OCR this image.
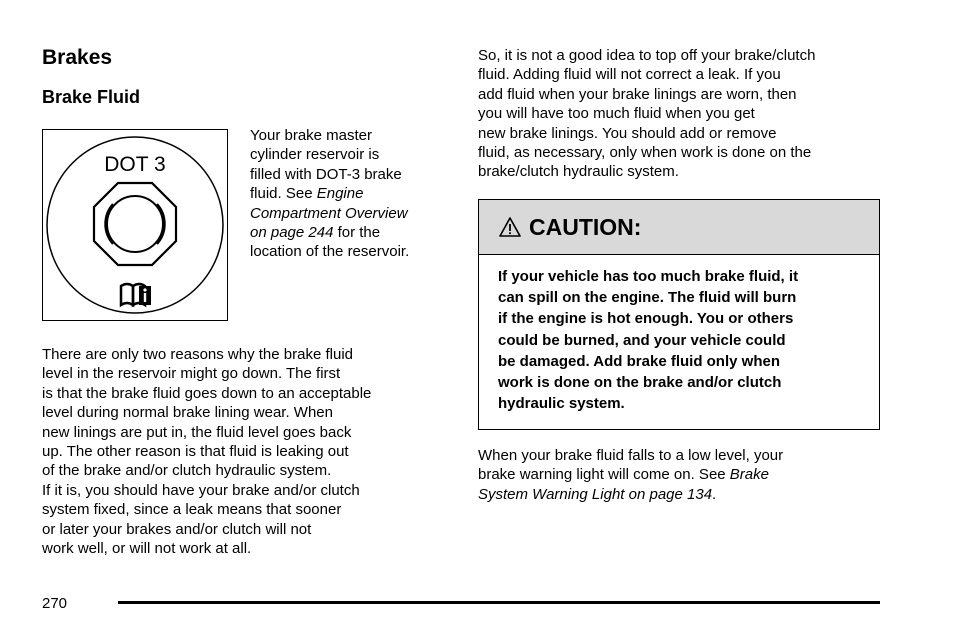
Brakes
Brake Fluid
DOT 3
Your brake master
cylinder reservoir is
filled with DOT-3 brake
fluid. See Engine
Compartment Overview
on page 244 for the
location of the reservoir.
There are only two reasons why the brake fluid
level in the reservoir might go down. The first
is that the brake fluid goes down to an acceptable
level during normal brake lining wear. When
new linings are put in, the fluid level goes back
up. The other reason is that fluid is leaking out
of the brake and/or clutch hydraulic system.
If it is, you should have your brake and/or clutch
system fixed, since a leak means that sooner
or later your brakes and/or clutch will not
work well, or will not work at all.
So, it is not a good idea to top off your brake/clutch
fluid. Adding fluid will not correct a leak. If you
add fluid when your brake linings are worn, then
you will have too much fluid when you get
new brake linings. You should add or remove
fluid, as necessary, only when work is done on the
brake/clutch hydraulic system.
CAUTION:
If your vehicle has too much brake fluid, it
can spill on the engine. The fluid will burn
if the engine is hot enough. You or others
could be burned, and your vehicle could
be damaged. Add brake fluid only when
work is done on the brake and/or clutch
hydraulic system.
When your brake fluid falls to a low level, your
brake warning light will come on. See Brake
System Warning Light on page 134.
270
